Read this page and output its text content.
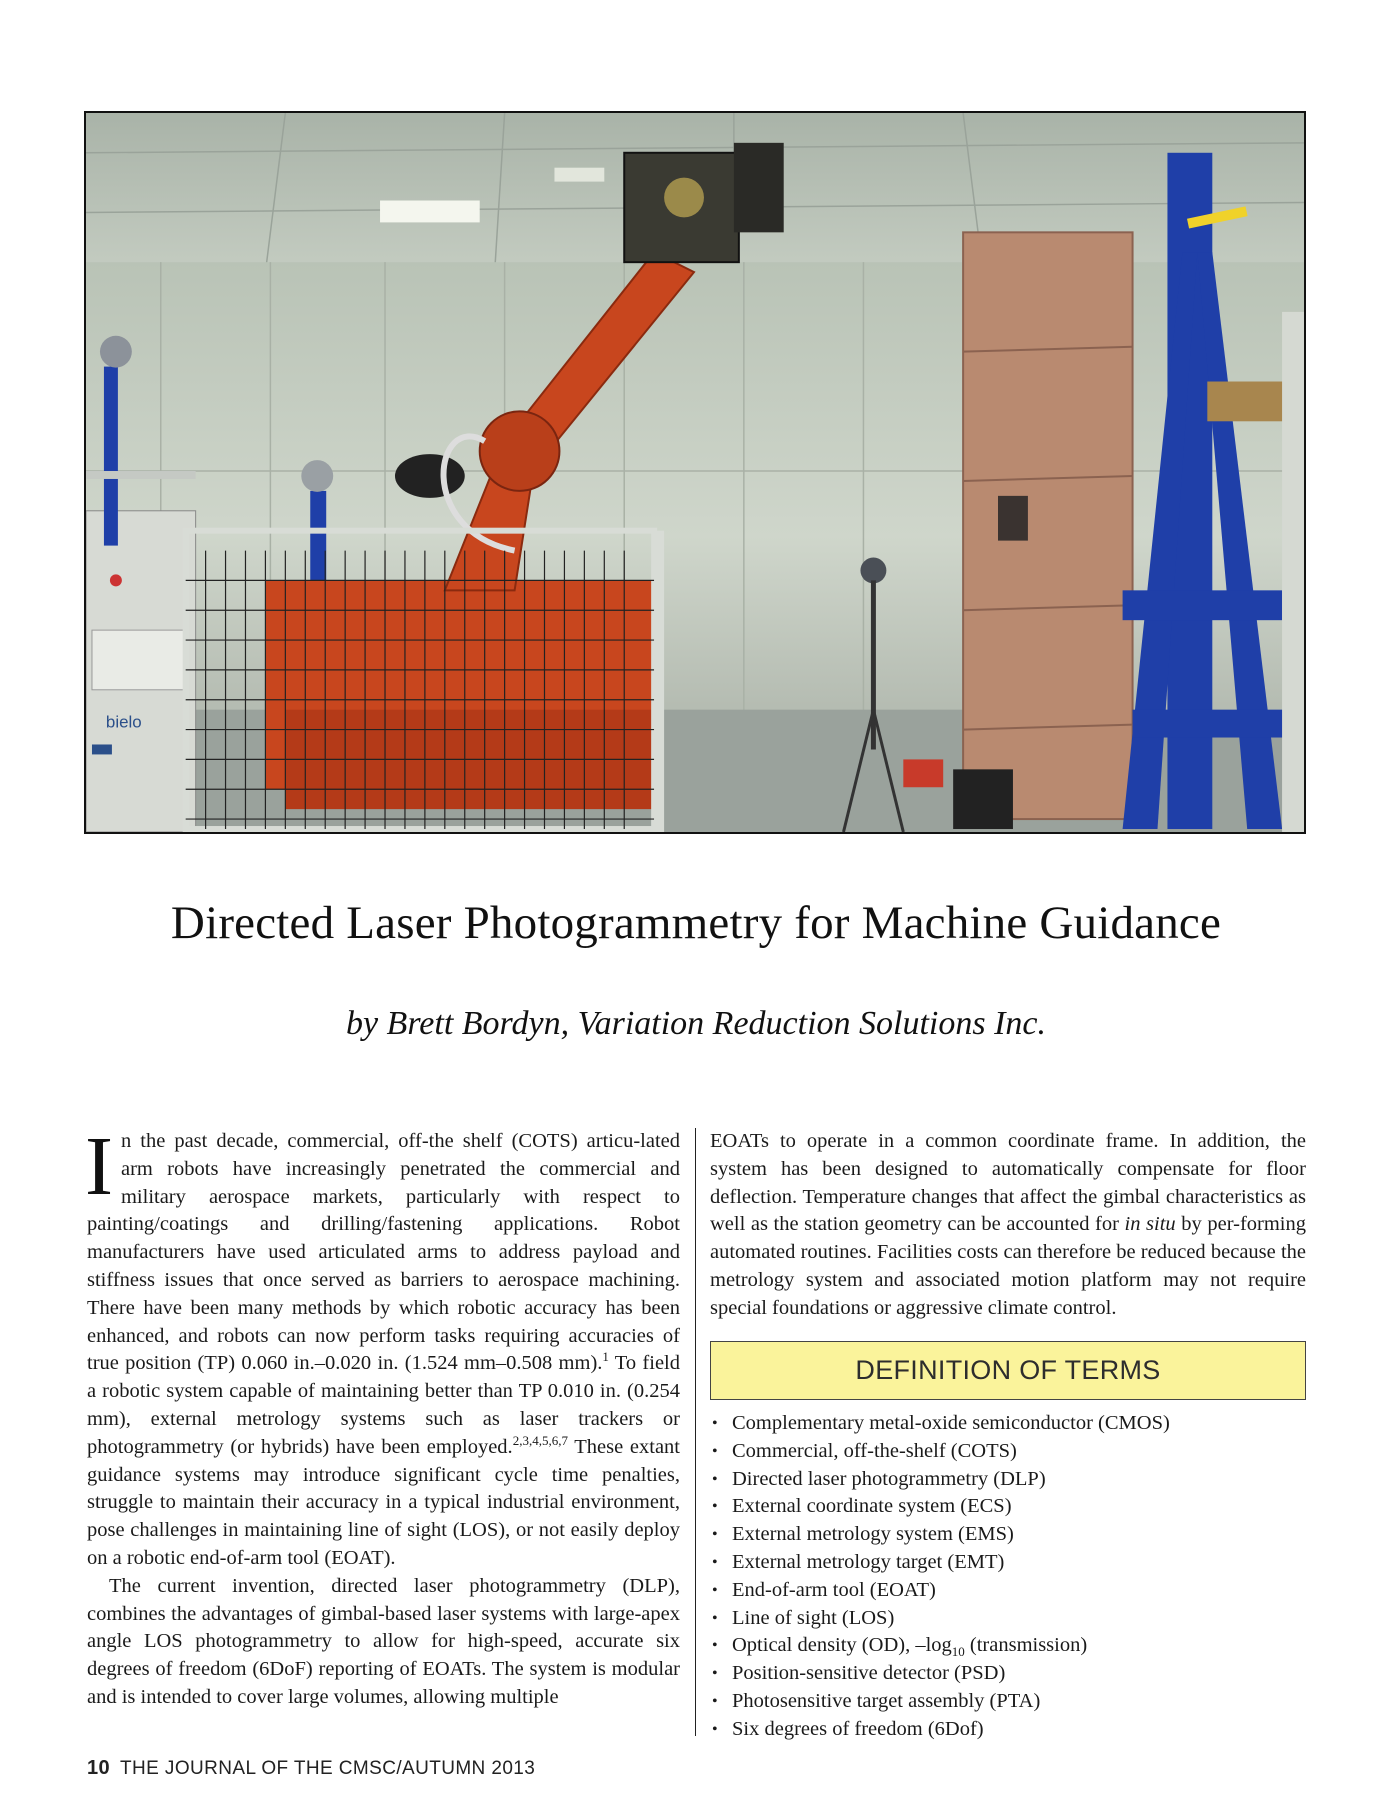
bielo
Directed Laser Photogrammetry for Machine Guidance
by Brett Bordyn, Variation Reduction Solutions Inc.

In the past decade, commercial, off-the shelf (COTS) articu-lated arm robots have increasingly penetrated the commercial and military aerospace markets, particularly with respect to painting/coatings and drilling/fastening applications. Robot manufacturers have used articulated arms to address payload and stiffness issues that once served as barriers to aerospace machining. There have been many methods by which robotic accuracy has been enhanced, and robots can now perform tasks requiring accuracies of true position (TP) 0.060 in.–0.020 in. (1.524 mm–0.508 mm).$^1$ To field a robotic system capable of maintaining better than TP 0.010 in. (0.254 mm), external metrology systems such as laser trackers or photogrammetry (or hybrids) have been employed.$^{2,3,4,5,6,7}$ These extant guidance systems may introduce significant cycle time penalties, struggle to maintain their accuracy in a typical industrial environment, pose challenges in maintaining line of sight (LOS), or not easily deploy on a robotic end-of-arm tool (EOAT).

The current invention, directed laser photogrammetry (DLP), combines the advantages of gimbal-based laser systems with large-apex angle LOS photogrammetry to allow for high-speed, accurate six degrees of freedom (6DoF) reporting of EOATs. The system is modular and is intended to cover large volumes, allowing multiple

EOATs to operate in a common coordinate frame. In addition, the system has been designed to automatically compensate for floor deflection. Temperature changes that affect the gimbal characteristics as well as the station geometry can be accounted for in situ by per-forming automated routines. Facilities costs can therefore be reduced because the metrology system and associated motion platform may not require special foundations or aggressive climate control.

DEFINITION OF TERMS
• Complementary metal-oxide semiconductor (CMOS)
• Commercial, off-the-shelf (COTS)
• Directed laser photogrammetry (DLP)
• External coordinate system (ECS)
• External metrology system (EMS)
• External metrology target (EMT)
• End-of-arm tool (EOAT)
• Line of sight (LOS)
• Optical density (OD), $-\log_{10}$ (transmission)
• Position-sensitive detector (PSD)
• Photosensitive target assembly (PTA)
• Six degrees of freedom (6Dof)
10 THE JOURNAL OF THE CMSC/AUTUMN 2013
